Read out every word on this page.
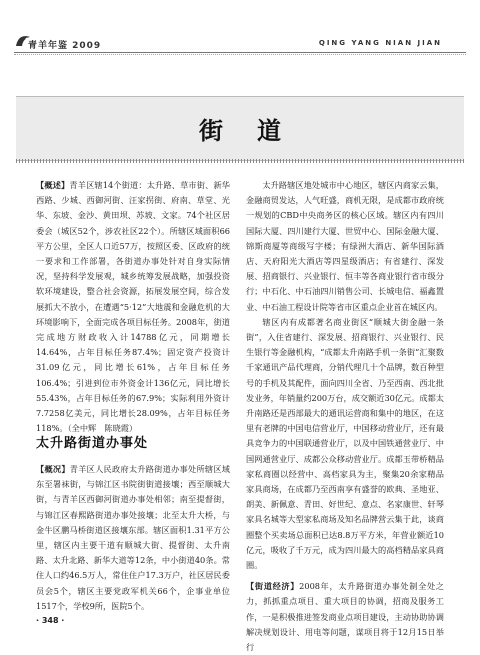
青羊年鉴 2009	QING YANG NIAN JIAN
街道

【概述】青羊区辖14个街道：太升路、草市街、新华西路、少城、西御河街、汪家拐街、府南、草堂、光华、东坡、金沙、黄田坝、苏坡、文家。74个社区居委会（城区52个，涉农社区22个）。所辖区域面积66平方公里，全区人口近57万，按照区委、区政府的统一要求和工作部署，各街道办事处针对自身实际情况，坚持科学发展观，城乡统筹发展战略，加强投资软环境建设，整合社会资源，拓展发展空间，综合发展抓大不放小，在遭遇“5·12”大地震和金融危机的大环境影响下，全面完成各项目标任务。2008年，街道完成地方财政收入计14788亿元，同期增长14.64%，占年目标任务87.4%；固定资产投资计31.09亿元，同比增长61%，占年目标任务106.4%；引进到位市外资金计136亿元，同比增长55.43%，占年目标任务的67.9%；实际利用外资计7.7258亿美元，同比增长28.09%，占年目标任务118%。（全中辉　陈晓霞）

太升路街道办事处

【概况】青羊区人民政府太升路街道办事处所辖区域东至署袜街，与锦江区书院街街道接壤；西至顺城大街，与青羊区西御河街道办事处相邻；南至提督街，与锦江区春熙路街道办事处接壤；北至太升大桥，与金牛区鹏马桥街道区接壤东部。辖区面积1.31平方公里，辖区内主要干道有顺城大街、提督街、太升南路、太升北路、新华大道等12条，中小街道40条。常住人口约46.5万人，常住住户17.3万户，社区居民委员会5个，辖区主要党政军机关66个，企事业单位1517个，学校9所，医院5个。

太升路辖区地处城市中心地区，辖区内商家云集，金融商贸发达，人气旺盛，商机无限，是成都市政府统一规划的CBD中央商务区的核心区域。辖区内有四川国际大厦、四川建行大厦、世贸中心、国际金融大厦、锦斯商厦等商级写字楼；有绿洲大酒店、新华国际酒店、天府阳光大酒店等四星级酒店；有省建行、深发展、招商银行、兴业银行、恒丰等各商业银行省市级分行；中石化、中石油四川销售公司、长城电信、福鑫置业、中石油工程设计院等省市区重点企业首在城区内。

辖区内有成都著名商业街区“顺城大街金融一条街”，入住省建行、深发展、招商银行、兴业银行、民生银行等金融机构，“成都太升南路手机一条街”汇聚数千家通讯产品代理商，分销代理几十个品牌，数百种型号的手机及其配件，面向四川全省、乃至西南、西北批发业务，年销量约200万台，成交额近30亿元。成都太升南路还是西部最大的通讯运营商和集中的地区，在这里有老牌的中国电信营业厅，中国移动营业厅，还有最具竞争力的中国联通营业厅，以及中国铁通营业厅、中国网通营业厅、成都公众移动营业厅。成都玉带桥精品家私商圈以经营中、高档家具为主，聚集20余家精品家具商场，在成都乃至西南享有盛誉的欧典、圣地亚、朗美、新佩意、青田、好世纪、意点、名家康世、轩琴家具名城等大型家私商场及知名品牌营云集于此，谈商圈整个买卖场总面积已达8.8万平方米，年营业额近10亿元，吸收了千万元，成为四川最大的高档精品家具商圈。

【街道经济】2008年，太升路街道办事处制全处之力，抓抓重点项目、重大项目的协调，招商及服务工作，一是积极推进签发商业点项目建设，主动协助协调解决规划设计、用电等问题，谋项目将于12月15日举行

· 348 ·
